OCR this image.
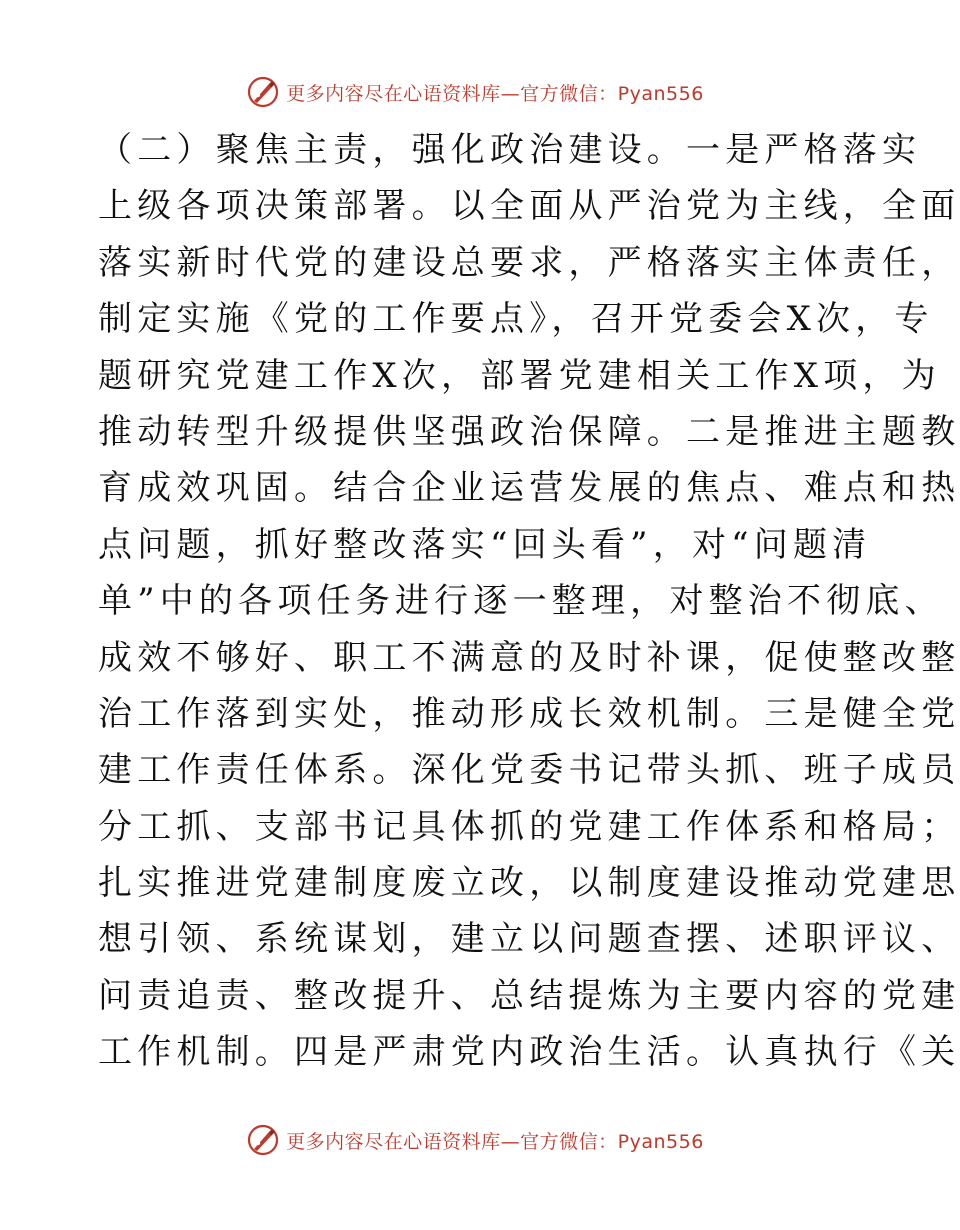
更多内容尽在心语资料库—官方微信：Pyan556
（二）聚焦主责，强化政治建设。一是严格落实
上级各项决策部署。以全面从严治党为主线，全面
落实新时代党的建设总要求，严格落实主体责任，
制定实施《党的工作要点》，召开党委会X次，专
题研究党建工作X次，部署党建相关工作X项，为
推动转型升级提供坚强政治保障。二是推进主题教
育成效巩固。结合企业运营发展的焦点、难点和热
点问题，抓好整改落实“回头看”，对“问题清
单”中的各项任务进行逐一整理，对整治不彻底、
成效不够好、职工不满意的及时补课，促使整改整
治工作落到实处，推动形成长效机制。三是健全党
建工作责任体系。深化党委书记带头抓、班子成员
分工抓、支部书记具体抓的党建工作体系和格局；
扎实推进党建制度废立改，以制度建设推动党建思
想引领、系统谋划，建立以问题查摆、述职评议、
问责追责、整改提升、总结提炼为主要内容的党建
工作机制。四是严肃党内政治生活。认真执行《关
更多内容尽在心语资料库—官方微信：Pyan556
